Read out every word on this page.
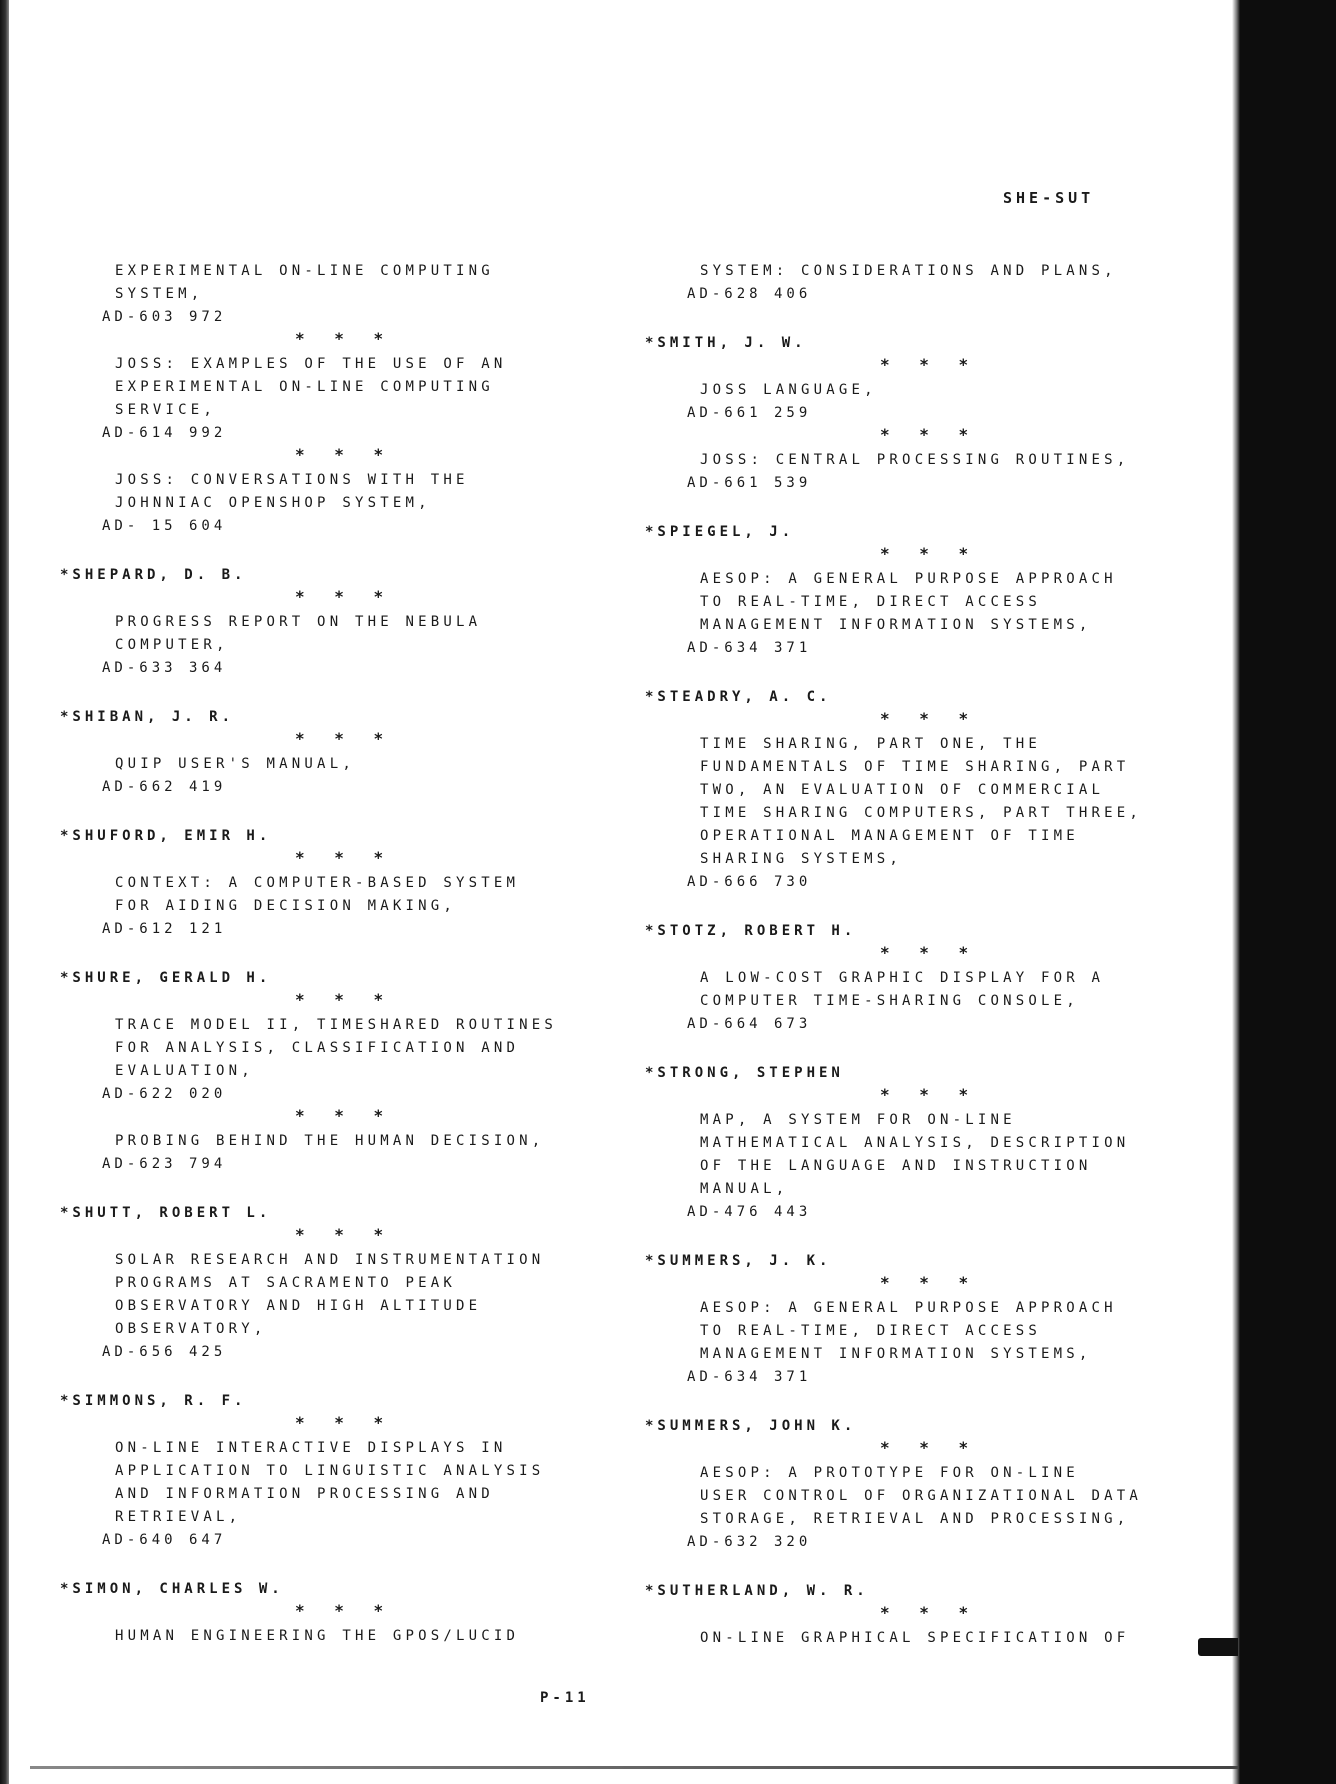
SHE-SUT
EXPERIMENTAL ON-LINE COMPUTING
SYSTEM,
AD-603 972
* * *
JOSS: EXAMPLES OF THE USE OF AN
EXPERIMENTAL ON-LINE COMPUTING
SERVICE,
AD-614 992
* * *
JOSS: CONVERSATIONS WITH THE
JOHNNIAC OPENSHOP SYSTEM,
AD- 15 604
*SHEPARD, D. B.
* * *
PROGRESS REPORT ON THE NEBULA
COMPUTER,
AD-633 364
*SHIBAN, J. R.
* * *
QUIP USER'S MANUAL,
AD-662 419
*SHUFORD, EMIR H.
* * *
CONTEXT: A COMPUTER-BASED SYSTEM
FOR AIDING DECISION MAKING,
AD-612 121
*SHURE, GERALD H.
* * *
TRACE MODEL II, TIMESHARED ROUTINES
FOR ANALYSIS, CLASSIFICATION AND
EVALUATION,
AD-622 020
* * *
PROBING BEHIND THE HUMAN DECISION,
AD-623 794
*SHUTT, ROBERT L.
* * *
SOLAR RESEARCH AND INSTRUMENTATION
PROGRAMS AT SACRAMENTO PEAK
OBSERVATORY AND HIGH ALTITUDE
OBSERVATORY,
AD-656 425
*SIMMONS, R. F.
* * *
ON-LINE INTERACTIVE DISPLAYS IN
APPLICATION TO LINGUISTIC ANALYSIS
AND INFORMATION PROCESSING AND
RETRIEVAL,
AD-640 647
*SIMON, CHARLES W.
* * *
HUMAN ENGINEERING THE GPOS/LUCID
SYSTEM: CONSIDERATIONS AND PLANS,
AD-628 406
*SMITH, J. W.
* * *
JOSS LANGUAGE,
AD-661 259
* * *
JOSS: CENTRAL PROCESSING ROUTINES,
AD-661 539
*SPIEGEL, J.
* * *
AESOP: A GENERAL PURPOSE APPROACH
TO REAL-TIME, DIRECT ACCESS
MANAGEMENT INFORMATION SYSTEMS,
AD-634 371
*STEADRY, A. C.
* * *
TIME SHARING, PART ONE, THE
FUNDAMENTALS OF TIME SHARING, PART
TWO, AN EVALUATION OF COMMERCIAL
TIME SHARING COMPUTERS, PART THREE,
OPERATIONAL MANAGEMENT OF TIME
SHARING SYSTEMS,
AD-666 730
*STOTZ, ROBERT H.
* * *
A LOW-COST GRAPHIC DISPLAY FOR A
COMPUTER TIME-SHARING CONSOLE,
AD-664 673
*STRONG, STEPHEN
* * *
MAP, A SYSTEM FOR ON-LINE
MATHEMATICAL ANALYSIS, DESCRIPTION
OF THE LANGUAGE AND INSTRUCTION
MANUAL,
AD-476 443
*SUMMERS, J. K.
* * *
AESOP: A GENERAL PURPOSE APPROACH
TO REAL-TIME, DIRECT ACCESS
MANAGEMENT INFORMATION SYSTEMS,
AD-634 371
*SUMMERS, JOHN K.
* * *
AESOP: A PROTOTYPE FOR ON-LINE
USER CONTROL OF ORGANIZATIONAL DATA
STORAGE, RETRIEVAL AND PROCESSING,
AD-632 320
*SUTHERLAND, W. R.
* * *
ON-LINE GRAPHICAL SPECIFICATION OF
P-11
